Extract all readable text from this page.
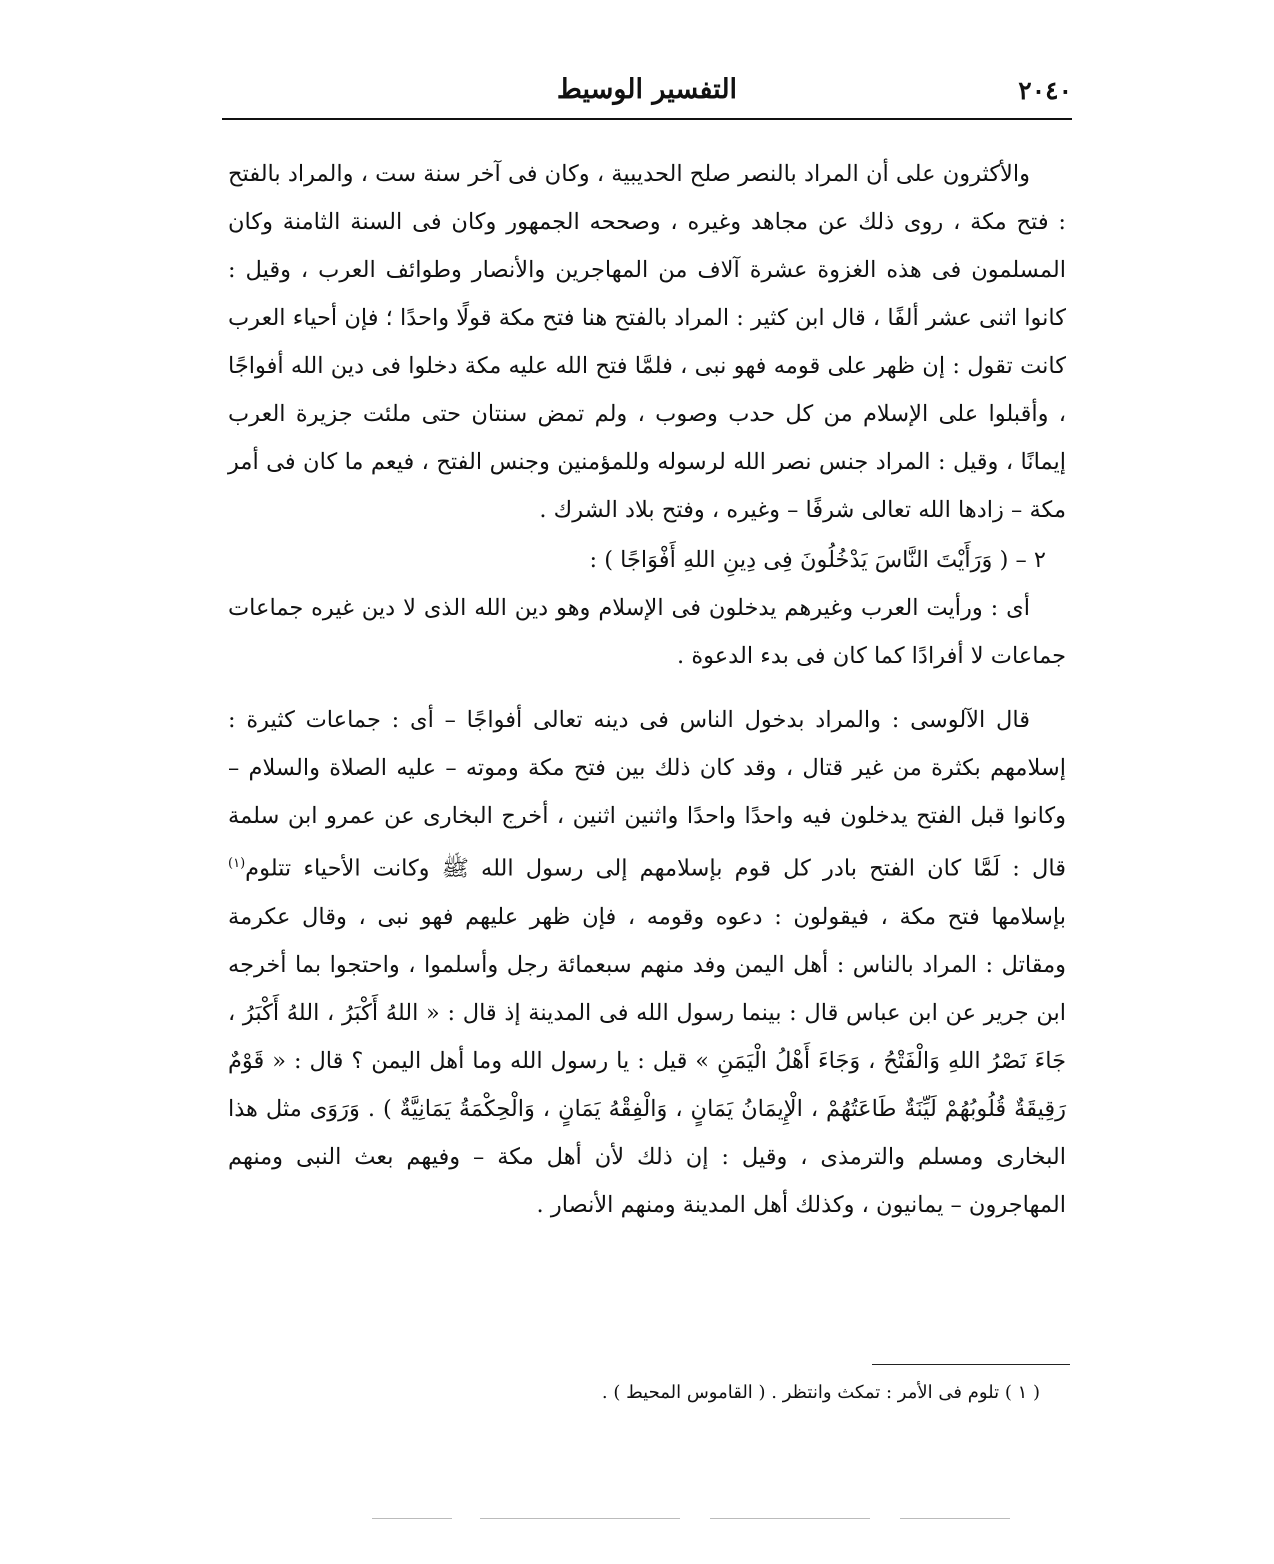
٢٠٤٠
التفسير الوسيط

والأكثرون على أن المراد بالنصر صلح الحديبية ، وكان فى آخر سنة ست ، والمراد بالفتح : فتح مكة ، روى ذلك عن مجاهد وغيره ، وصححه الجمهور وكان فى السنة الثامنة وكان المسلمون فى هذه الغزوة عشرة آلاف من المهاجرين والأنصار وطوائف العرب ، وقيل : كانوا اثنى عشر ألفًا ، قال ابن كثير : المراد بالفتح هنا فتح مكة قولًا واحدًا ؛ فإن أحياء العرب كانت تقول : إن ظهر على قومه فهو نبى ، فلمَّا فتح الله عليه مكة دخلوا فى دين الله أفواجًا ، وأقبلوا على الإسلام من كل حدب وصوب ، ولم تمض سنتان حتى ملئت جزيرة العرب إيمانًا ، وقيل : المراد جنس نصر الله لرسوله وللمؤمنين وجنس الفتح ، فيعم ما كان فى أمر مكة – زادها الله تعالى شرفًا – وغيره ، وفتح بلاد الشرك .

٢ – ( وَرَأَيْتَ النَّاسَ يَدْخُلُونَ فِى دِينِ اللهِ أَفْوَاجًا ) :

أى : ورأيت العرب وغيرهم يدخلون فى الإسلام وهو دين الله الذى لا دين غيره جماعات جماعات لا أفرادًا كما كان فى بدء الدعوة .

قال الآلوسى : والمراد بدخول الناس فى دينه تعالى أفواجًا – أى : جماعات كثيرة : إسلامهم بكثرة من غير قتال ، وقد كان ذلك بين فتح مكة وموته – عليه الصلاة والسلام – وكانوا قبل الفتح يدخلون فيه واحدًا واحدًا واثنين اثنين ، أخرج البخارى عن عمرو ابن سلمة قال : لَمَّا كان الفتح بادر كل قوم بإسلامهم إلى رسول الله ﷺ وكانت الأحياء تتلوم$^{(١)}$ بإسلامها فتح مكة ، فيقولون : دعوه وقومه ، فإن ظهر عليهم فهو نبى ، وقال عكرمة ومقاتل : المراد بالناس : أهل اليمن وفد منهم سبعمائة رجل وأسلموا ، واحتجوا بما أخرجه ابن جرير عن ابن عباس قال : بينما رسول الله فى المدينة إذ قال : « اللهُ أَكْبَرُ ، اللهُ أَكْبَرُ ، جَاءَ نَصْرُ اللهِ وَالْفَتْحُ ، وَجَاءَ أَهْلُ الْيَمَنِ » قيل : يا رسول الله وما أهل اليمن ؟ قال : « قَوْمٌ رَقِيقَةٌ قُلُوبُهُمْ لَيِّنَةٌ طَاعَتُهُمْ ، الْإِيمَانُ يَمَانٍ ، وَالْفِقْهُ يَمَانٍ ، وَالْحِكْمَةُ يَمَانِيَّةٌ ) . وَرَوَى مثل هذا البخارى ومسلم والترمذى ، وقيل : إن ذلك لأن أهل مكة – وفيهم بعث النبى ومنهم المهاجرون – يمانيون ، وكذلك أهل المدينة ومنهم الأنصار .

( ١ ) تلوم فى الأمر : تمكث وانتظر . ( القاموس المحيط ) .
